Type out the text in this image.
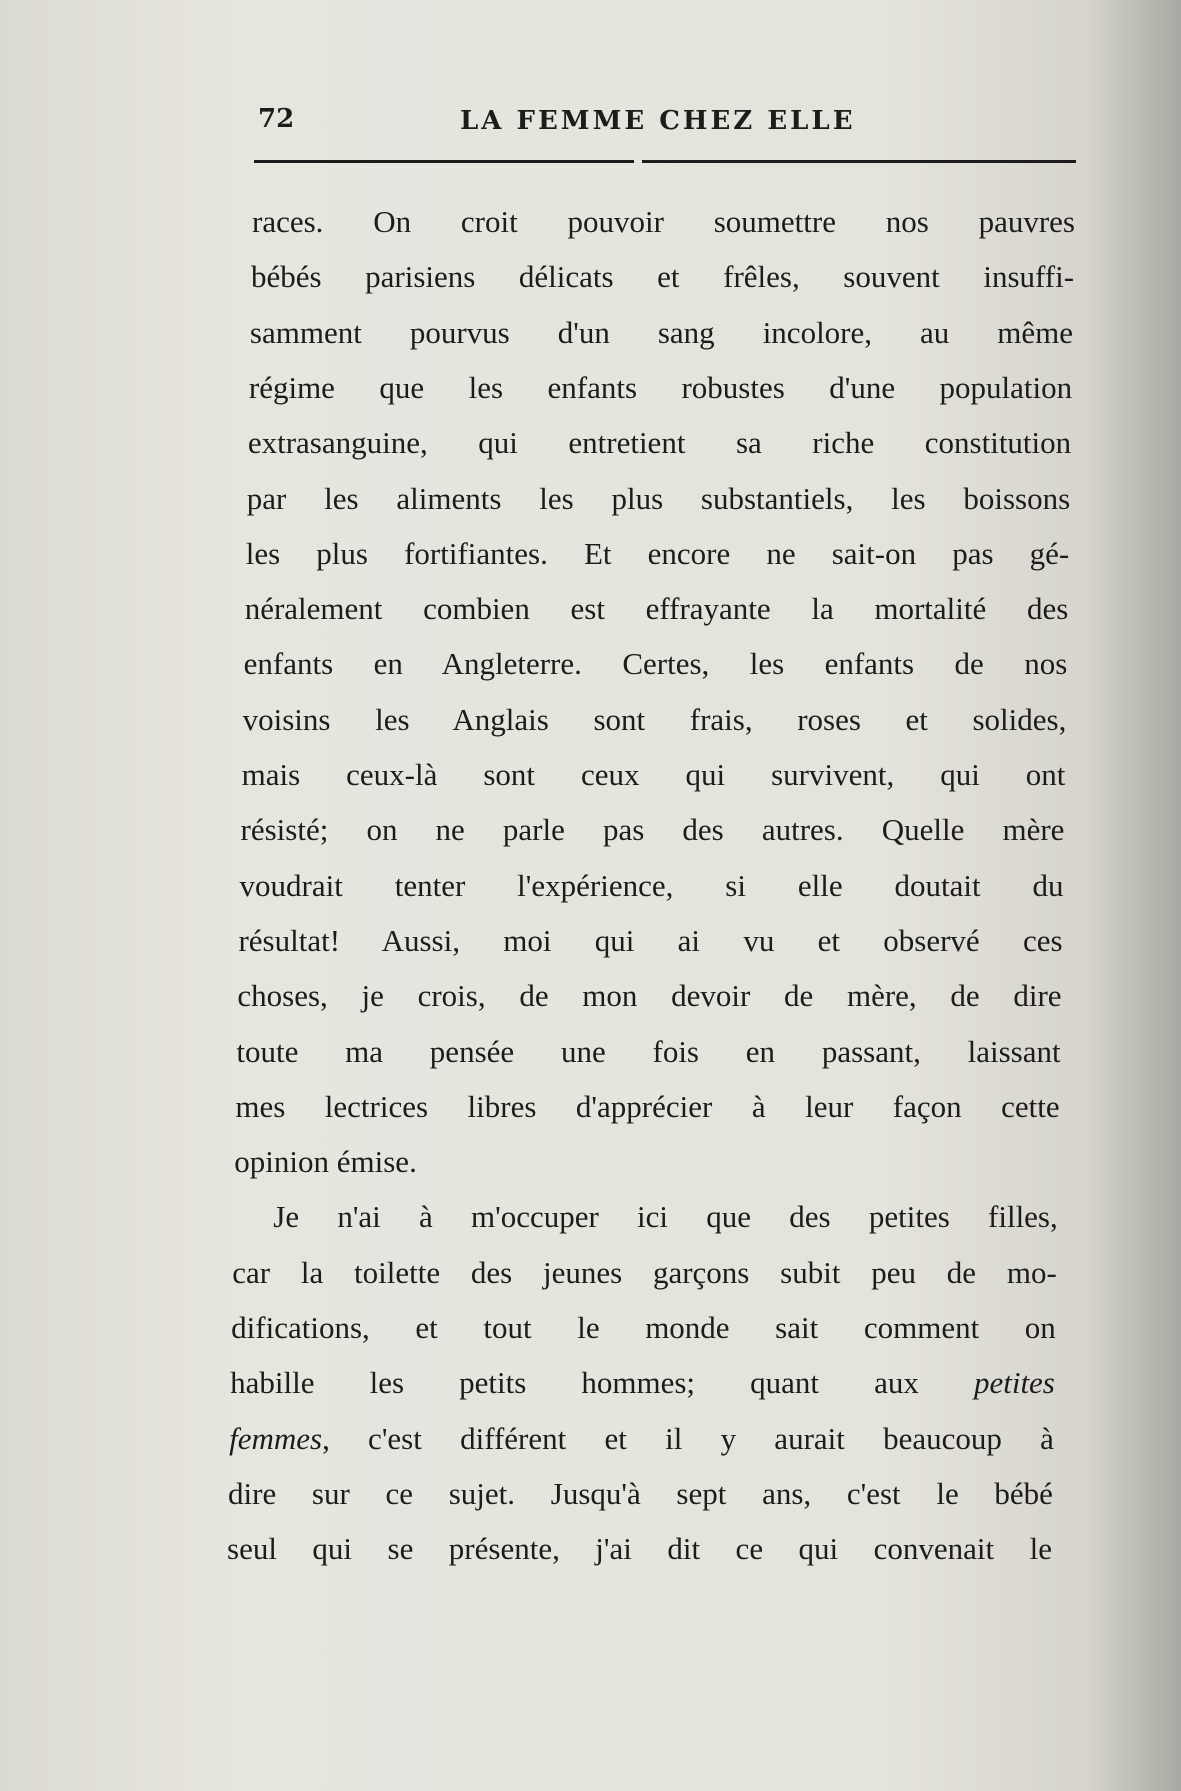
72	LA FEMME CHEZ ELLE
races. On croit pouvoir soumettre nos pauvres
bébés parisiens délicats et frêles, souvent insuffi-
samment pourvus d'un sang incolore, au même
régime que les enfants robustes d'une population
extrasanguine, qui entretient sa riche constitution
par les aliments les plus substantiels, les boissons
les plus fortifiantes. Et encore ne sait-on pas gé-
néralement combien est effrayante la mortalité des
enfants en Angleterre. Certes, les enfants de nos
voisins les Anglais sont frais, roses et solides,
mais ceux-là sont ceux qui survivent, qui ont
résisté; on ne parle pas des autres. Quelle mère
voudrait tenter l'expérience, si elle doutait du
résultat! Aussi, moi qui ai vu et observé ces
choses, je crois, de mon devoir de mère, de dire
toute ma pensée une fois en passant, laissant
mes lectrices libres d'apprécier à leur façon cette
opinion émise.
Je n'ai à m'occuper ici que des petites filles,
car la toilette des jeunes garçons subit peu de mo-
difications, et tout le monde sait comment on
habille les petits hommes; quant aux petites
femmes, c'est différent et il y aurait beaucoup à
dire sur ce sujet. Jusqu'à sept ans, c'est le bébé
seul qui se présente, j'ai dit ce qui convenait le
